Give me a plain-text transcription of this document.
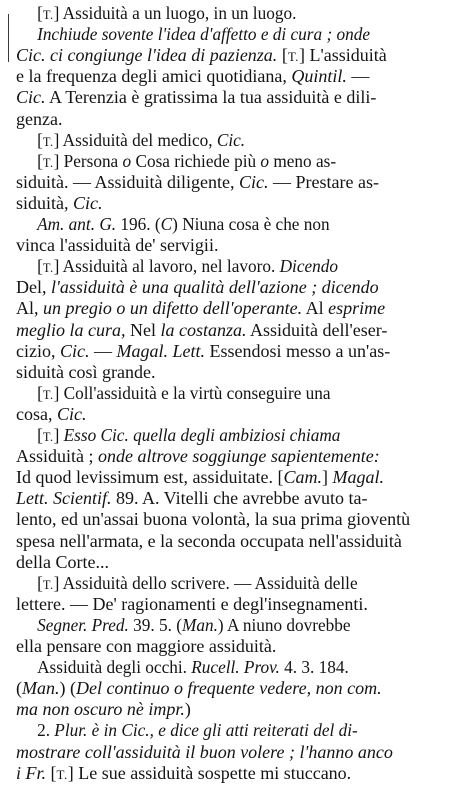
[T.] Assiduità a un luogo, in un luogo.
Inchiude sovente l'idea d'affetto e di cura ; onde
Cic. ci congiunge l'idea di pazienza. [T.] L'assiduità
e la frequenza degli amici quotidiana, Quintil. —
Cic. A Terenzia è gratissima la tua assiduità e dili-
genza.
[T.] Assiduità del medico, Cic.
[T.] Persona o Cosa richiede più o meno as-
siduità. — Assiduità diligente, Cic. — Prestare as-
siduità, Cic.
Am. ant. G. 196. (C) Niuna cosa è che non
vinca l'assiduità de' servigii.
[T.] Assiduità al lavoro, nel lavoro. Dicendo
Del, l'assiduità è una qualità dell'azione ; dicendo
Al, un pregio o un difetto dell'operante. Al esprime
meglio la cura, Nel la costanza. Assiduità dell'eser-
cizio, Cic. — Magal. Lett. Essendosi messo a un'as-
siduità così grande.
[T.] Coll'assiduità e la virtù conseguire una
cosa, Cic.
[T.] Esso Cic. quella degli ambiziosi chiama
Assiduità ; onde altrove soggiunge sapientemente:
Id quod levissimum est, assiduitate. [Cam.] Magal.
Lett. Scientif. 89. A. Vitelli che avrebbe avuto ta-
lento, ed un'assai buona volontà, la sua prima gioventù
spesa nell'armata, e la seconda occupata nell'assiduità
della Corte...
[T.] Assiduità dello scrivere. — Assiduità delle
lettere. — De' ragionamenti e degl'insegnamenti.
Segner. Pred. 39. 5. (Man.) A niuno dovrebbe
ella pensare con maggiore assiduità.
Assiduità degli occhi. Rucell. Prov. 4. 3. 184.
(Man.) (Del continuo o frequente vedere, non com.
ma non oscuro nè impr.)
2. Plur. è in Cic., e dice gli atti reiterati del di-
mostrare coll'assiduità il buon volere ; l'hanno anco
i Fr. [T.] Le sue assiduità sospette mi stuccano.
